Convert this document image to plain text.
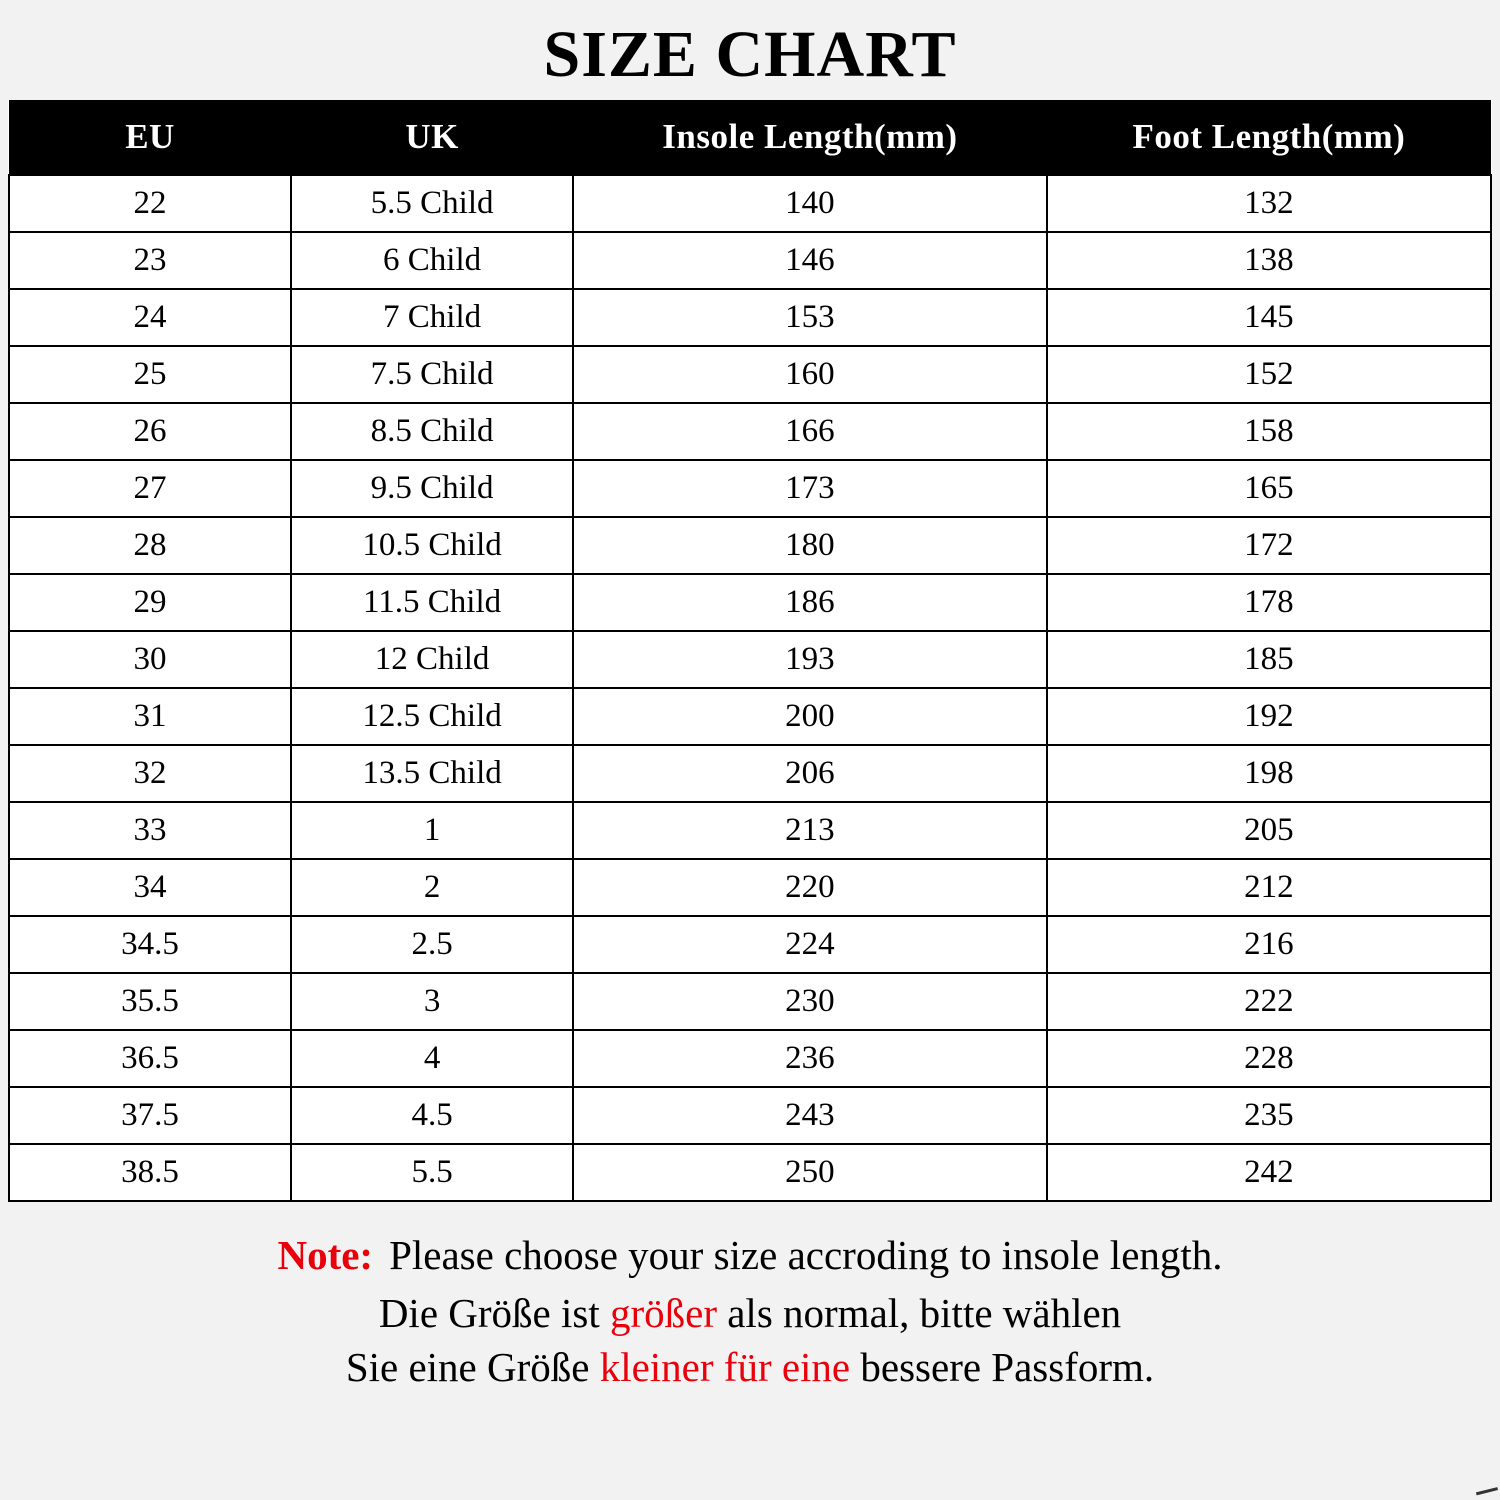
SIZE CHART
EU	UK	Insole Length(mm)	Foot Length(mm)
22	5.5 Child	140	132
23	6 Child	146	138
24	7 Child	153	145
25	7.5 Child	160	152
26	8.5 Child	166	158
27	9.5 Child	173	165
28	10.5 Child	180	172
29	11.5 Child	186	178
30	12 Child	193	185
31	12.5 Child	200	192
32	13.5 Child	206	198
33	1	213	205
34	2	220	212
34.5	2.5	224	216
35.5	3	230	222
36.5	4	236	228
37.5	4.5	243	235
38.5	5.5	250	242
Note: Please choose your size accroding to insole length.
Die Größe ist größer als normal, bitte wählen
Sie eine Größe kleiner für eine bessere Passform.
